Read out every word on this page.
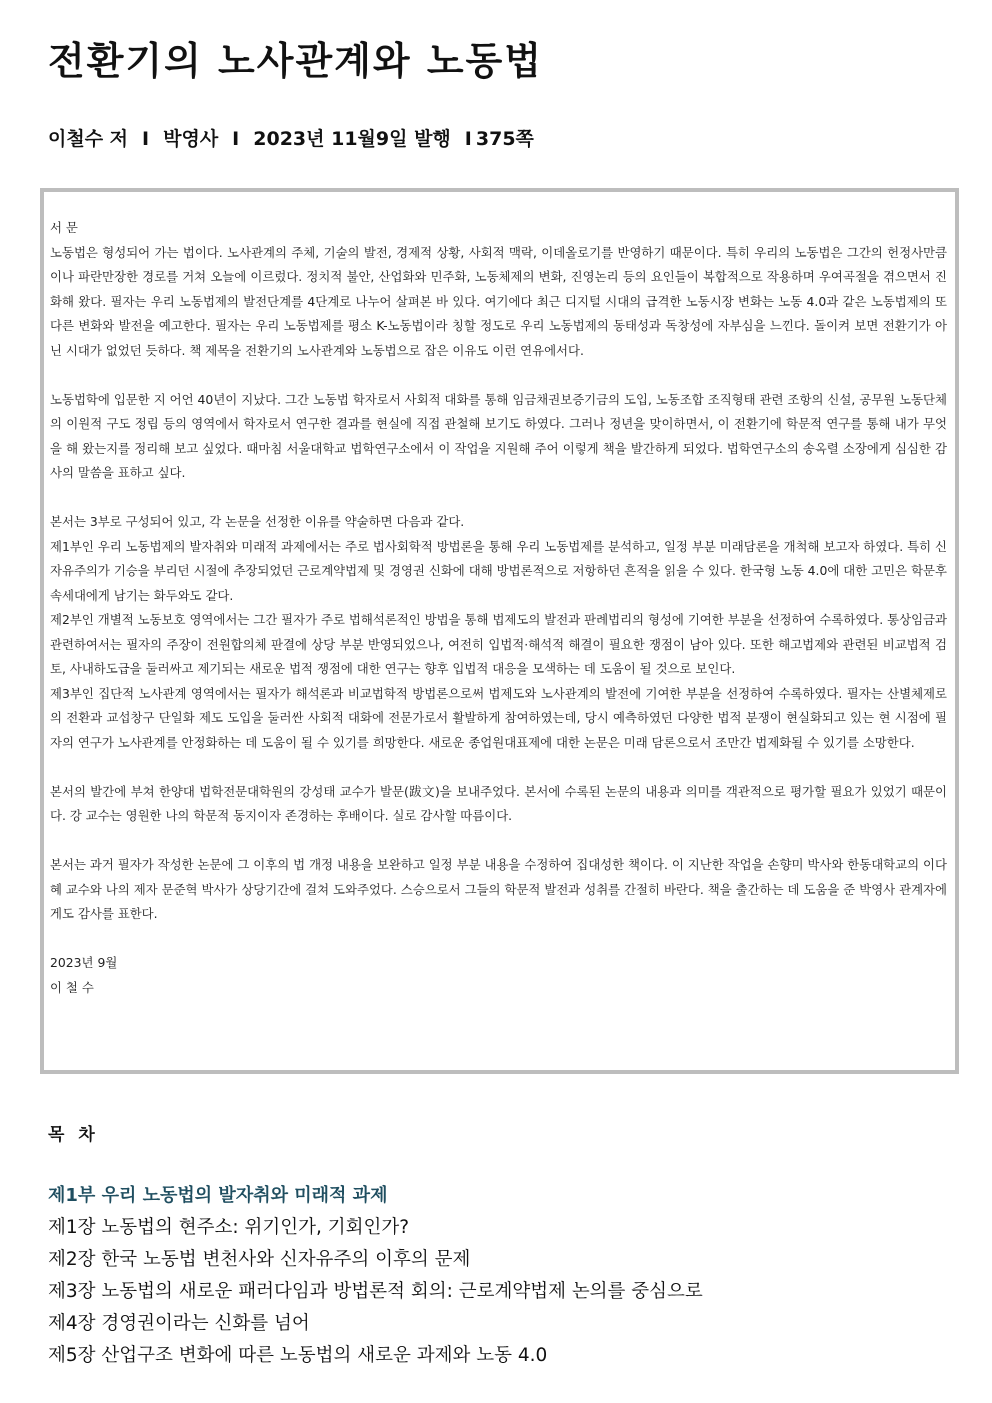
전환기의 노사관계와 노동법
이철수 저 I 박영사 I 2023년 11월9일 발행 I 375쪽
서 문

노동법은 형성되어 가는 법이다. 노사관계의 주체, 기술의 발전, 경제적 상황, 사회적 맥락, 이데올로기를 반영하기 때문이다. 특히 우리의 노동법은 그간의 헌정사만큼이나 파란만장한 경로를 거쳐 오늘에 이르렀다. 정치적 불안, 산업화와 민주화, 노동체제의 변화, 진영논리 등의 요인들이 복합적으로 작용하며 우여곡절을 겪으면서 진화해 왔다. 필자는 우리 노동법제의 발전단계를 4단계로 나누어 살펴본 바 있다. 여기에다 최근 디지털 시대의 급격한 노동시장 변화는 노동 4.0과 같은 노동법제의 또 다른 변화와 발전을 예고한다. 필자는 우리 노동법제를 평소 K-노동법이라 칭할 정도로 우리 노동법제의 동태성과 독창성에 자부심을 느낀다. 돌이켜 보면 전환기가 아닌 시대가 없었던 듯하다. 책 제목을 전환기의 노사관계와 노동법으로 잡은 이유도 이런 연유에서다.

노동법학에 입문한 지 어언 40년이 지났다. 그간 노동법 학자로서 사회적 대화를 통해 임금채권보증기금의 도입, 노동조합 조직형태 관련 조항의 신설, 공무원 노동단체의 이원적 구도 정립 등의 영역에서 학자로서 연구한 결과를 현실에 직접 관철해 보기도 하였다. 그러나 정년을 맞이하면서, 이 전환기에 학문적 연구를 통해 내가 무엇을 해 왔는지를 정리해 보고 싶었다. 때마침 서울대학교 법학연구소에서 이 작업을 지원해 주어 이렇게 책을 발간하게 되었다. 법학연구소의 송옥렬 소장에게 심심한 감사의 말씀을 표하고 싶다.

본서는 3부로 구성되어 있고, 각 논문을 선정한 이유를 약술하면 다음과 같다.

제1부인 우리 노동법제의 발자취와 미래적 과제에서는 주로 법사회학적 방법론을 통해 우리 노동법제를 분석하고, 일정 부분 미래담론을 개척해 보고자 하였다. 특히 신자유주의가 기승을 부리던 시절에 추장되었던 근로계약법제 및 경영권 신화에 대해 방법론적으로 저항하던 흔적을 읽을 수 있다. 한국형 노동 4.0에 대한 고민은 학문후속세대에게 남기는 화두와도 같다.

제2부인 개별적 노동보호 영역에서는 그간 필자가 주로 법해석론적인 방법을 통해 법제도의 발전과 판례법리의 형성에 기여한 부분을 선정하여 수록하였다. 통상임금과 관련하여서는 필자의 주장이 전원합의체 판결에 상당 부분 반영되었으나, 여전히 입법적·해석적 해결이 필요한 쟁점이 남아 있다. 또한 해고법제와 관련된 비교법적 검토, 사내하도급을 둘러싸고 제기되는 새로운 법적 쟁점에 대한 연구는 향후 입법적 대응을 모색하는 데 도움이 될 것으로 보인다.

제3부인 집단적 노사관계 영역에서는 필자가 해석론과 비교법학적 방법론으로써 법제도와 노사관계의 발전에 기여한 부분을 선정하여 수록하였다. 필자는 산별체제로의 전환과 교섭창구 단일화 제도 도입을 둘러싼 사회적 대화에 전문가로서 활발하게 참여하였는데, 당시 예측하였던 다양한 법적 분쟁이 현실화되고 있는 현 시점에 필자의 연구가 노사관계를 안정화하는 데 도움이 될 수 있기를 희망한다. 새로운 종업원대표제에 대한 논문은 미래 담론으로서 조만간 법제화될 수 있기를 소망한다.

본서의 발간에 부쳐 한양대 법학전문대학원의 강성태 교수가 발문(跋文)을 보내주었다. 본서에 수록된 논문의 내용과 의미를 객관적으로 평가할 필요가 있었기 때문이다. 강 교수는 영원한 나의 학문적 동지이자 존경하는 후배이다. 실로 감사할 따름이다.

본서는 과거 필자가 작성한 논문에 그 이후의 법 개정 내용을 보완하고 일정 부분 내용을 수정하여 집대성한 책이다. 이 지난한 작업을 손향미 박사와 한동대학교의 이다혜 교수와 나의 제자 문준혁 박사가 상당기간에 걸쳐 도와주었다. 스승으로서 그들의 학문적 발전과 성취를 간절히 바란다. 책을 출간하는 데 도움을 준 박영사 관계자에게도 감사를 표한다.

2023년 9월
이 철 수
목 차
제1부 우리 노동법의 발자취와 미래적 과제
제1장 노동법의 현주소: 위기인가, 기회인가?
제2장 한국 노동법 변천사와 신자유주의 이후의 문제
제3장 노동법의 새로운 패러다임과 방법론적 회의: 근로계약법제 논의를 중심으로
제4장 경영권이라는 신화를 넘어
제5장 산업구조 변화에 따른 노동법의 새로운 과제와 노동 4.0
